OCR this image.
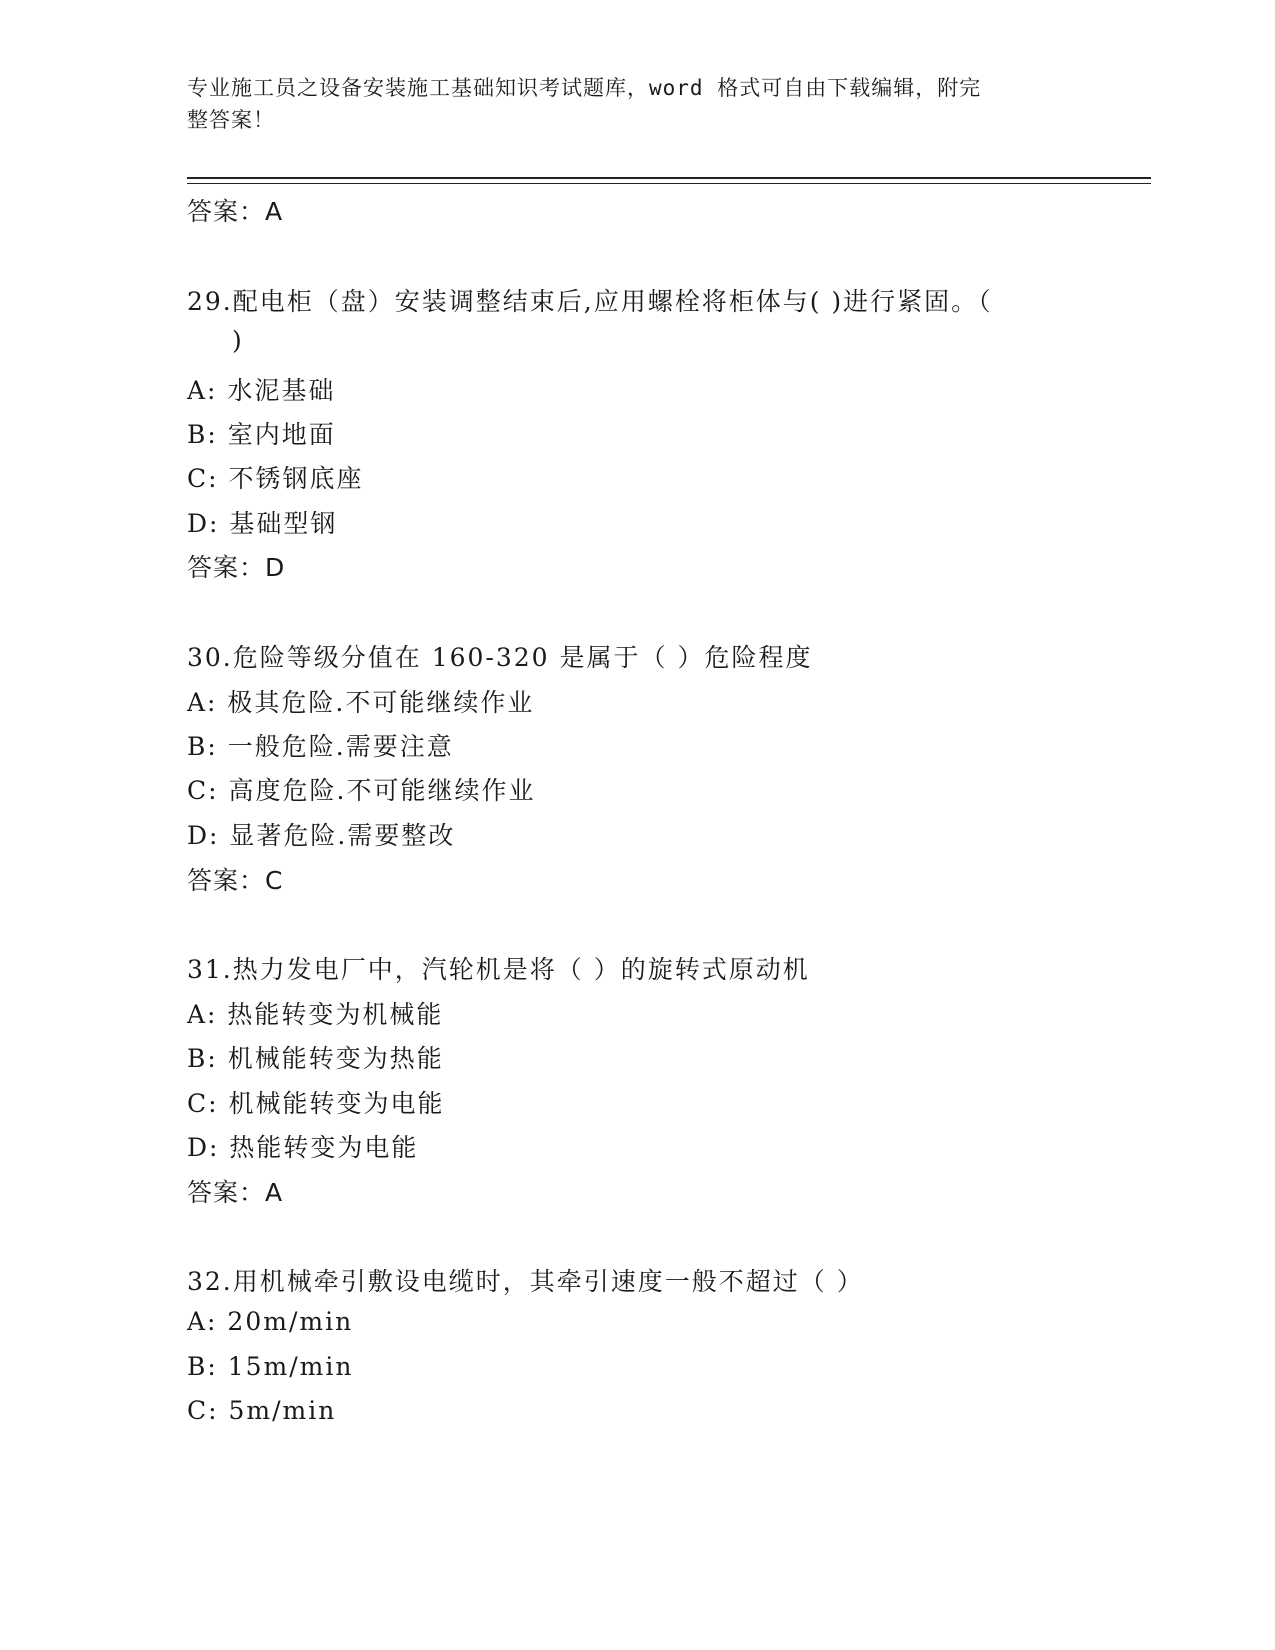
专业施工员之设备安装施工基础知识考试题库，word 格式可自由下载编辑，附完
整答案！
答案：A
29.配电柜（盘）安装调整结束后,应用螺栓将柜体与( )进行紧固。（
)
A: 水泥基础
B: 室内地面
C: 不锈钢底座
D: 基础型钢
答案：D
30.危险等级分值在 160-320 是属于（ ）危险程度
A: 极其危险.不可能继续作业
B: 一般危险.需要注意
C: 高度危险.不可能继续作业
D: 显著危险.需要整改
答案：C
31.热力发电厂中，汽轮机是将（ ）的旋转式原动机
A: 热能转变为机械能
B: 机械能转变为热能
C: 机械能转变为电能
D: 热能转变为电能
答案：A
32.用机械牵引敷设电缆时，其牵引速度一般不超过（ ）
A: 20m/min
B: 15m/min
C: 5m/min
